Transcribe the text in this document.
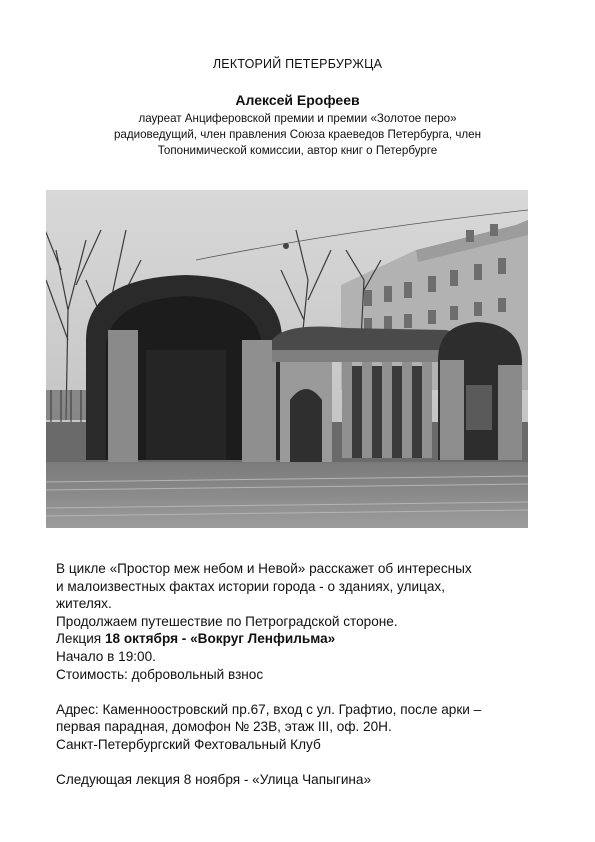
ЛЕКТОРИЙ ПЕТЕРБУРЖЦА
Алексей Ерофеев
лауреат Анциферовской премии и премии «Золотое перо»
радиоведущий, член правления Союза краеведов Петербурга, член
Топонимической комиссии, автор книг о Петербурге

В цикле «Простор меж небом и Невой» расскажет об интересных

и малоизвестных фактах истории города - о зданиях, улицах,

жителях.

Продолжаем путешествие по Петроградской стороне.

Лекция 18 октября - «Вокруг Ленфильма»

Начало в 19:00.

Стоимость: добровольный взнос

Адрес: Каменноостровский пр.67, вход с ул. Графтио, после арки –

первая парадная, домофон № 23В, этаж III, оф. 20Н.

Санкт-Петербургский Фехтовальный Клуб

Следующая лекция 8 ноября - «Улица Чапыгина»
